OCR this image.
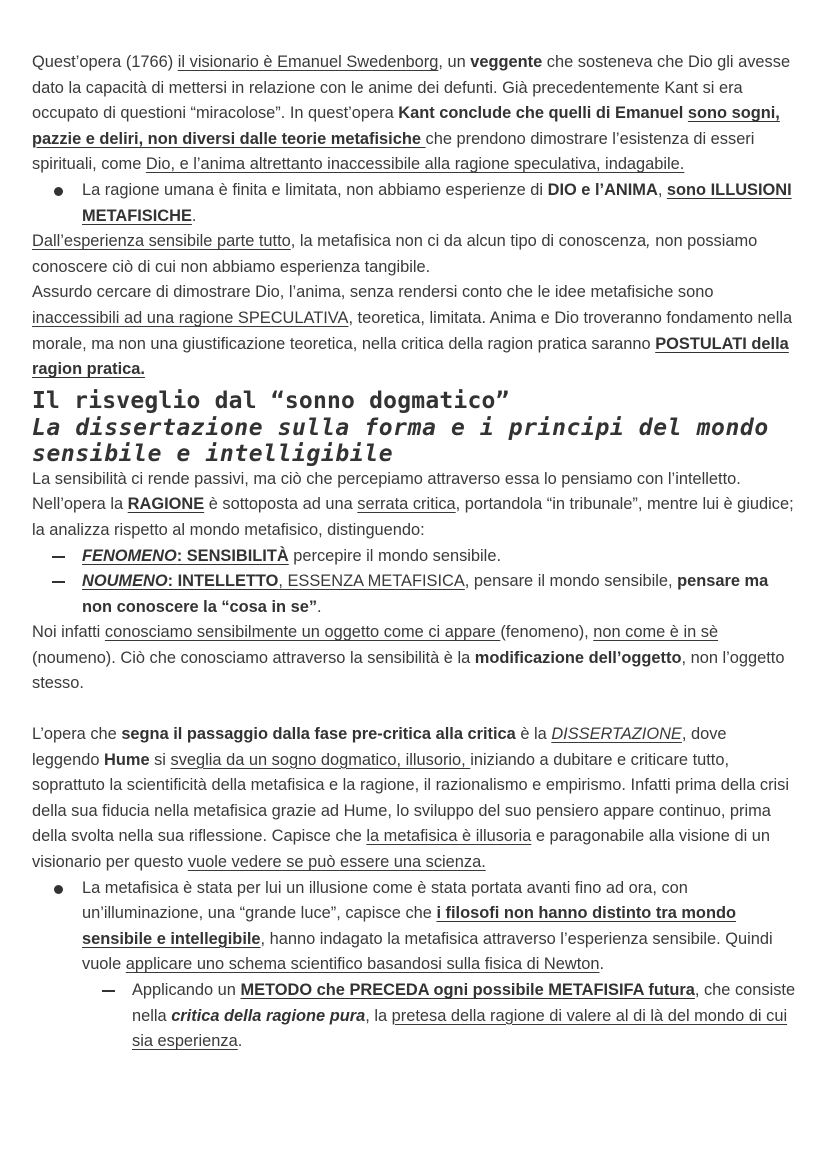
Quest’opera (1766) il visionario è Emanuel Swedenborg, un veggente che sosteneva che Dio gli avesse dato la capacità di mettersi in relazione con le anime dei defunti. Già precedentemente Kant si era occupato di questioni “miracolose”. In quest’opera Kant conclude che quelli di Emanuel sono sogni, pazzie e deliri, non diversi dalle teorie metafisiche che prendono dimostrare l’esistenza di esseri spirituali, come Dio, e l’anima altrettanto inaccessibile alla ragione speculativa, indagabile.

La ragione umana è finita e limitata, non abbiamo esperienze di DIO e l’ANIMA, sono ILLUSIONI METAFISICHE.

Dall’esperienza sensibile parte tutto, la metafisica non ci da alcun tipo di conoscenza, non possiamo conoscere ciò di cui non abbiamo esperienza tangibile.

Assurdo cercare di dimostrare Dio, l’anima, senza rendersi conto che le idee metafisiche sono inaccessibili ad una ragione SPECULATIVA, teoretica, limitata. Anima e Dio troveranno fondamento nella morale, ma non una giustificazione teoretica, nella critica della ragion pratica saranno POSTULATI della ragion pratica.

Il risveglio dal “sonno dogmatico”
La dissertazione sulla forma e i principi del mondo sensibile e intelligibile

La sensibilità ci rende passivi, ma ciò che percepiamo attraverso essa lo pensiamo con l’intelletto.

Nell’opera la RAGIONE è sottoposta ad una serrata critica, portandola “in tribunale”, mentre lui è giudice; la analizza rispetto al mondo metafisico, distinguendo:

FENOMENO: SENSIBILITÀ percepire il mondo sensibile.
NOUMENO: INTELLETTO, ESSENZA METAFISICA, pensare il mondo sensibile, pensare ma non conoscere la “cosa in se”.

Noi infatti conosciamo sensibilmente un oggetto come ci appare (fenomeno), non come è in sè (noumeno). Ciò che conosciamo attraverso la sensibilità è la modificazione dell’oggetto, non l’oggetto stesso.

L’opera che segna il passaggio dalla fase pre-critica alla critica è la DISSERTAZIONE, dove leggendo Hume si sveglia da un sogno dogmatico, illusorio, iniziando a dubitare e criticare tutto, soprattuto la scientificità della metafisica e la ragione, il razionalismo e empirismo. Infatti prima della crisi della sua fiducia nella metafisica grazie ad Hume, lo sviluppo del suo pensiero appare continuo, prima della svolta nella sua riflessione. Capisce che la metafisica è illusoria e paragonabile alla visione di un visionario per questo vuole vedere se può essere una scienza.

La metafisica è stata per lui un illusione come è stata portata avanti fino ad ora, con un’illuminazione, una “grande luce”, capisce che i filosofi non hanno distinto tra mondo sensibile e intellegibile, hanno indagato la metafisica attraverso l’esperienza sensibile. Quindi vuole applicare uno schema scientifico basandosi sulla fisica di Newton.
Applicando un METODO che PRECEDA ogni possibile METAFISIFA futura, che consiste nella critica della ragione pura, la pretesa della ragione di valere al di là del mondo di cui sia esperienza.
